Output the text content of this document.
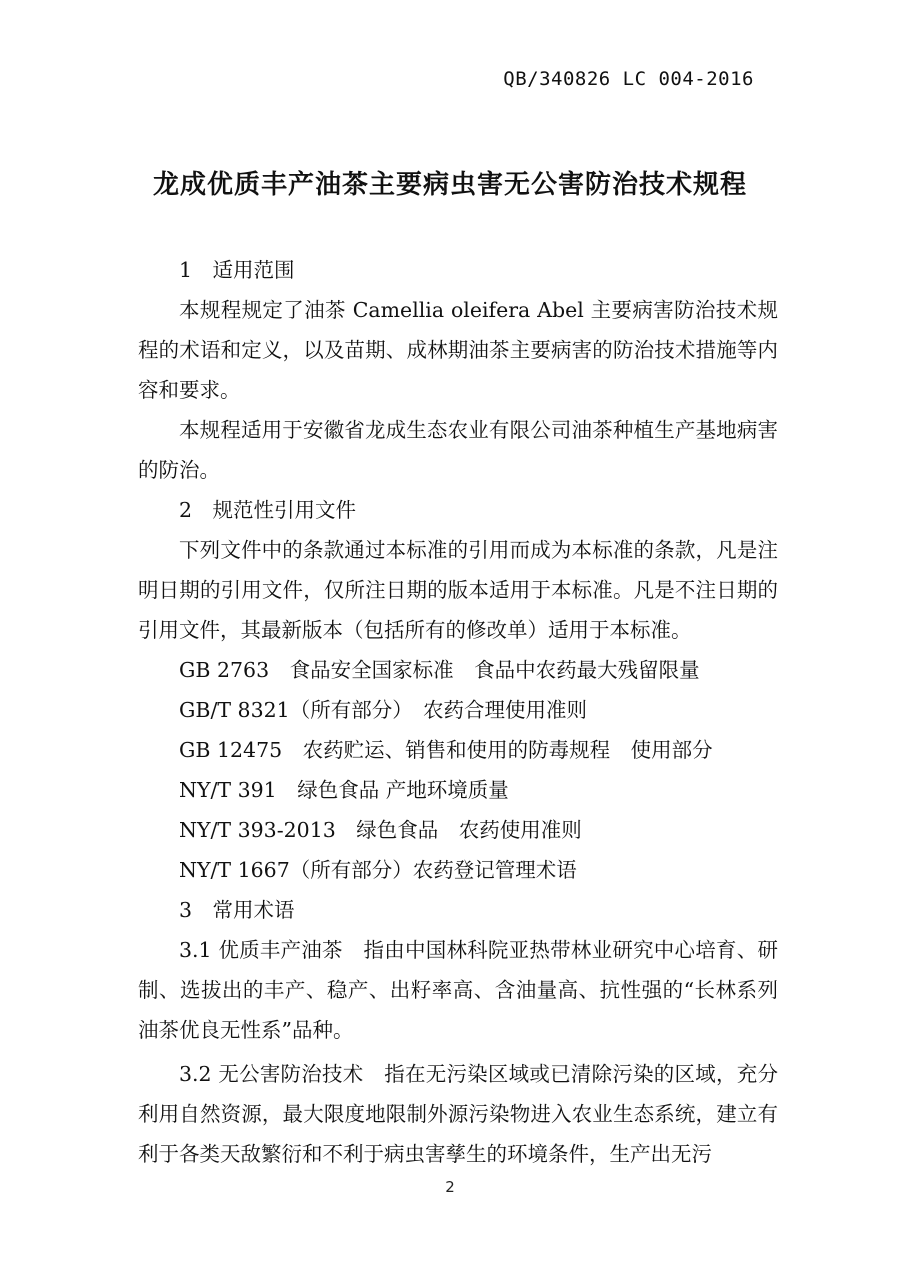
QB/340826 LC 004-2016
龙成优质丰产油茶主要病虫害无公害防治技术规程

1　适用范围

本规程规定了油茶 Camellia oleifera Abel 主要病害防治技术规程的术语和定义，以及苗期、成林期油茶主要病害的防治技术措施等内容和要求。

本规程适用于安徽省龙成生态农业有限公司油茶种植生产基地病害的防治。

2　规范性引用文件

下列文件中的条款通过本标准的引用而成为本标准的条款，凡是注明日期的引用文件，仅所注日期的版本适用于本标准。凡是不注日期的引用文件，其最新版本（包括所有的修改单）适用于本标准。

GB 2763　食品安全国家标准　食品中农药最大残留限量

GB/T 8321（所有部分）　农药合理使用准则

GB 12475　农药贮运、销售和使用的防毒规程　使用部分

NY/T 391　绿色食品 产地环境质量

NY/T 393-2013　绿色食品　农药使用准则

NY/T 1667（所有部分）农药登记管理术语

3　常用术语

3.1 优质丰产油茶　指由中国林科院亚热带林业研究中心培育、研制、选拔出的丰产、稳产、出籽率高、含油量高、抗性强的“长林系列油茶优良无性系”品种。

3.2 无公害防治技术　指在无污染区域或已清除污染的区域，充分利用自然资源，最大限度地限制外源污染物进入农业生态系统，建立有利于各类天敌繁衍和不利于病虫害孳生的环境条件，生产出无污

2
